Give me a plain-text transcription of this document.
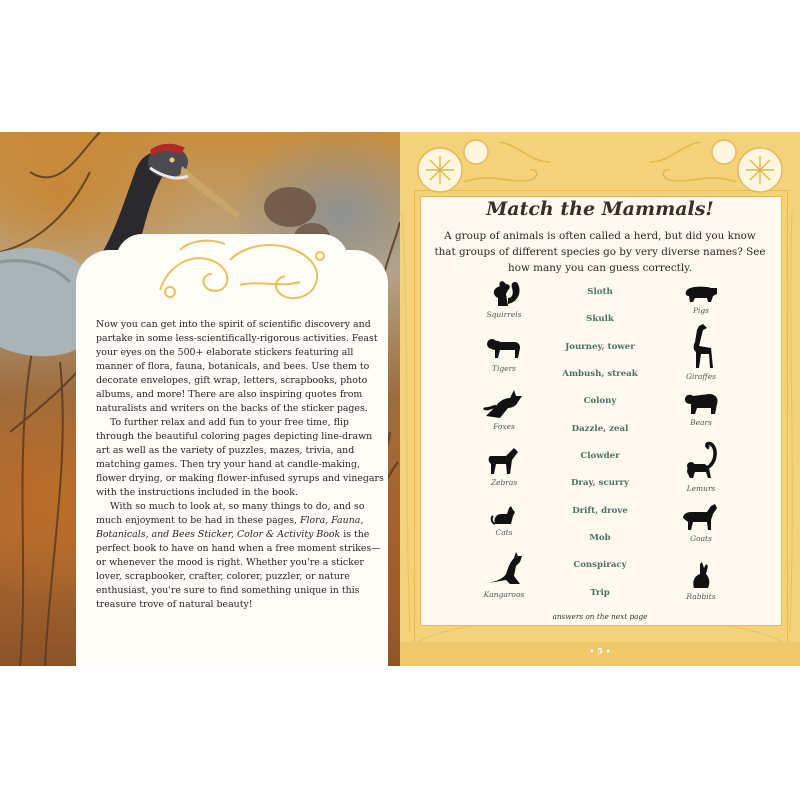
Now you can get into the spirit of scientific discovery and partake in some less-scientifically-rigorous activities. Feast your eyes on the 500+ elaborate stickers featuring all manner of flora, fauna, botanicals, and bees. Use them to decorate envelopes, gift wrap, letters, scrapbooks, photo albums, and more! There are also inspiring quotes from naturalists and writers on the backs of the sticker pages.

To further relax and add fun to your free time, flip through the beautiful coloring pages depicting line-drawn art as well as the variety of puzzles, mazes, trivia, and matching games. Then try your hand at candle-making, flower drying, or making flower-infused syrups and vinegars with the instructions included in the book.

With so much to look at, so many things to do, and so much enjoyment to be had in these pages, Flora, Fauna, Botanicals, and Bees Sticker, Color & Activity Book is the perfect book to have on hand when a free moment strikes—or whenever the mood is right. Whether you're a sticker lover, scrapbooker, crafter, colorer, puzzler, or nature enthusiast, you're sure to find something unique in this treasure trove of natural beauty!

Match the Mammals!
A group of animals is often called a herd, but did you know that groups of different species go by very diverse names? See how many you can guess correctly.
Squirrels
Tigers
Foxes
Zebras
Cats
Kangaroos
Pigs
Giraffes
Bears
Lemurs
Goats
Rabbits
Sloth
Skulk
Journey, tower
Ambush, streak
Colony
Dazzle, zeal
Clowder
Dray, scurry
Drift, drove
Mob
Conspiracy
Trip
answers on the next page
• 5 •
